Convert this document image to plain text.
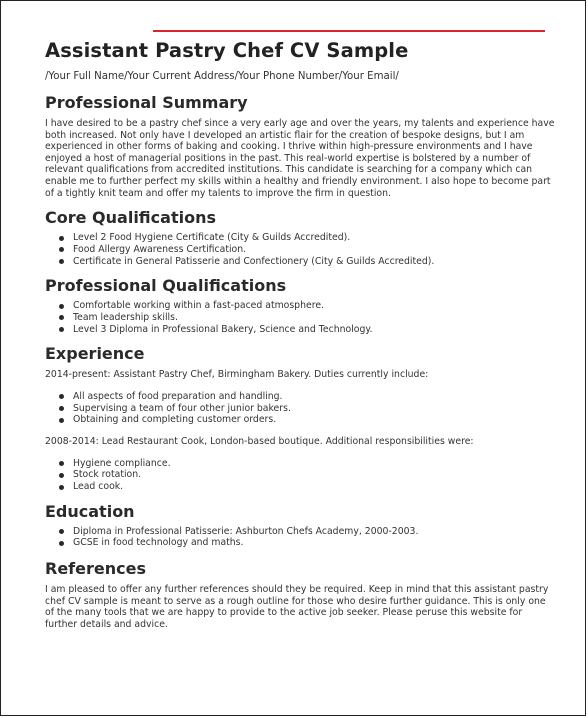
Assistant Pastry Chef CV Sample
/Your Full Name/Your Current Address/Your Phone Number/Your Email/
Professional Summary

I have desired to be a pastry chef since a very early age and over the years, my talents and experience have both increased. Not only have I developed an artistic flair for the creation of bespoke designs, but I am experienced in other forms of baking and cooking. I thrive within high-pressure environments and I have enjoyed a host of managerial positions in the past. This real-world expertise is bolstered by a number of relevant qualifications from accredited institutions. This candidate is searching for a company which can enable me to further perfect my skills within a healthy and friendly environment. I also hope to become part of a tightly knit team and offer my talents to improve the firm in question.

Core Qualifications
Level 2 Food Hygiene Certificate (City & Guilds Accredited).
Food Allergy Awareness Certification.
Certificate in General Patisserie and Confectionery (City & Guilds Accredited).
Professional Qualifications
Comfortable working within a fast-paced atmosphere.
Team leadership skills.
Level 3 Diploma in Professional Bakery, Science and Technology.
Experience

2014-present: Assistant Pastry Chef, Birmingham Bakery. Duties currently include:

All aspects of food preparation and handling.
Supervising a team of four other junior bakers.
Obtaining and completing customer orders.

2008-2014: Lead Restaurant Cook, London-based boutique. Additional responsibilities were:

Hygiene compliance.
Stock rotation.
Lead cook.
Education
Diploma in Professional Patisserie: Ashburton Chefs Academy, 2000-2003.
GCSE in food technology and maths.
References

I am pleased to offer any further references should they be required. Keep in mind that this assistant pastry chef CV sample is meant to serve as a rough outline for those who desire further guidance. This is only one of the many tools that we are happy to provide to the active job seeker. Please peruse this website for further details and advice.
